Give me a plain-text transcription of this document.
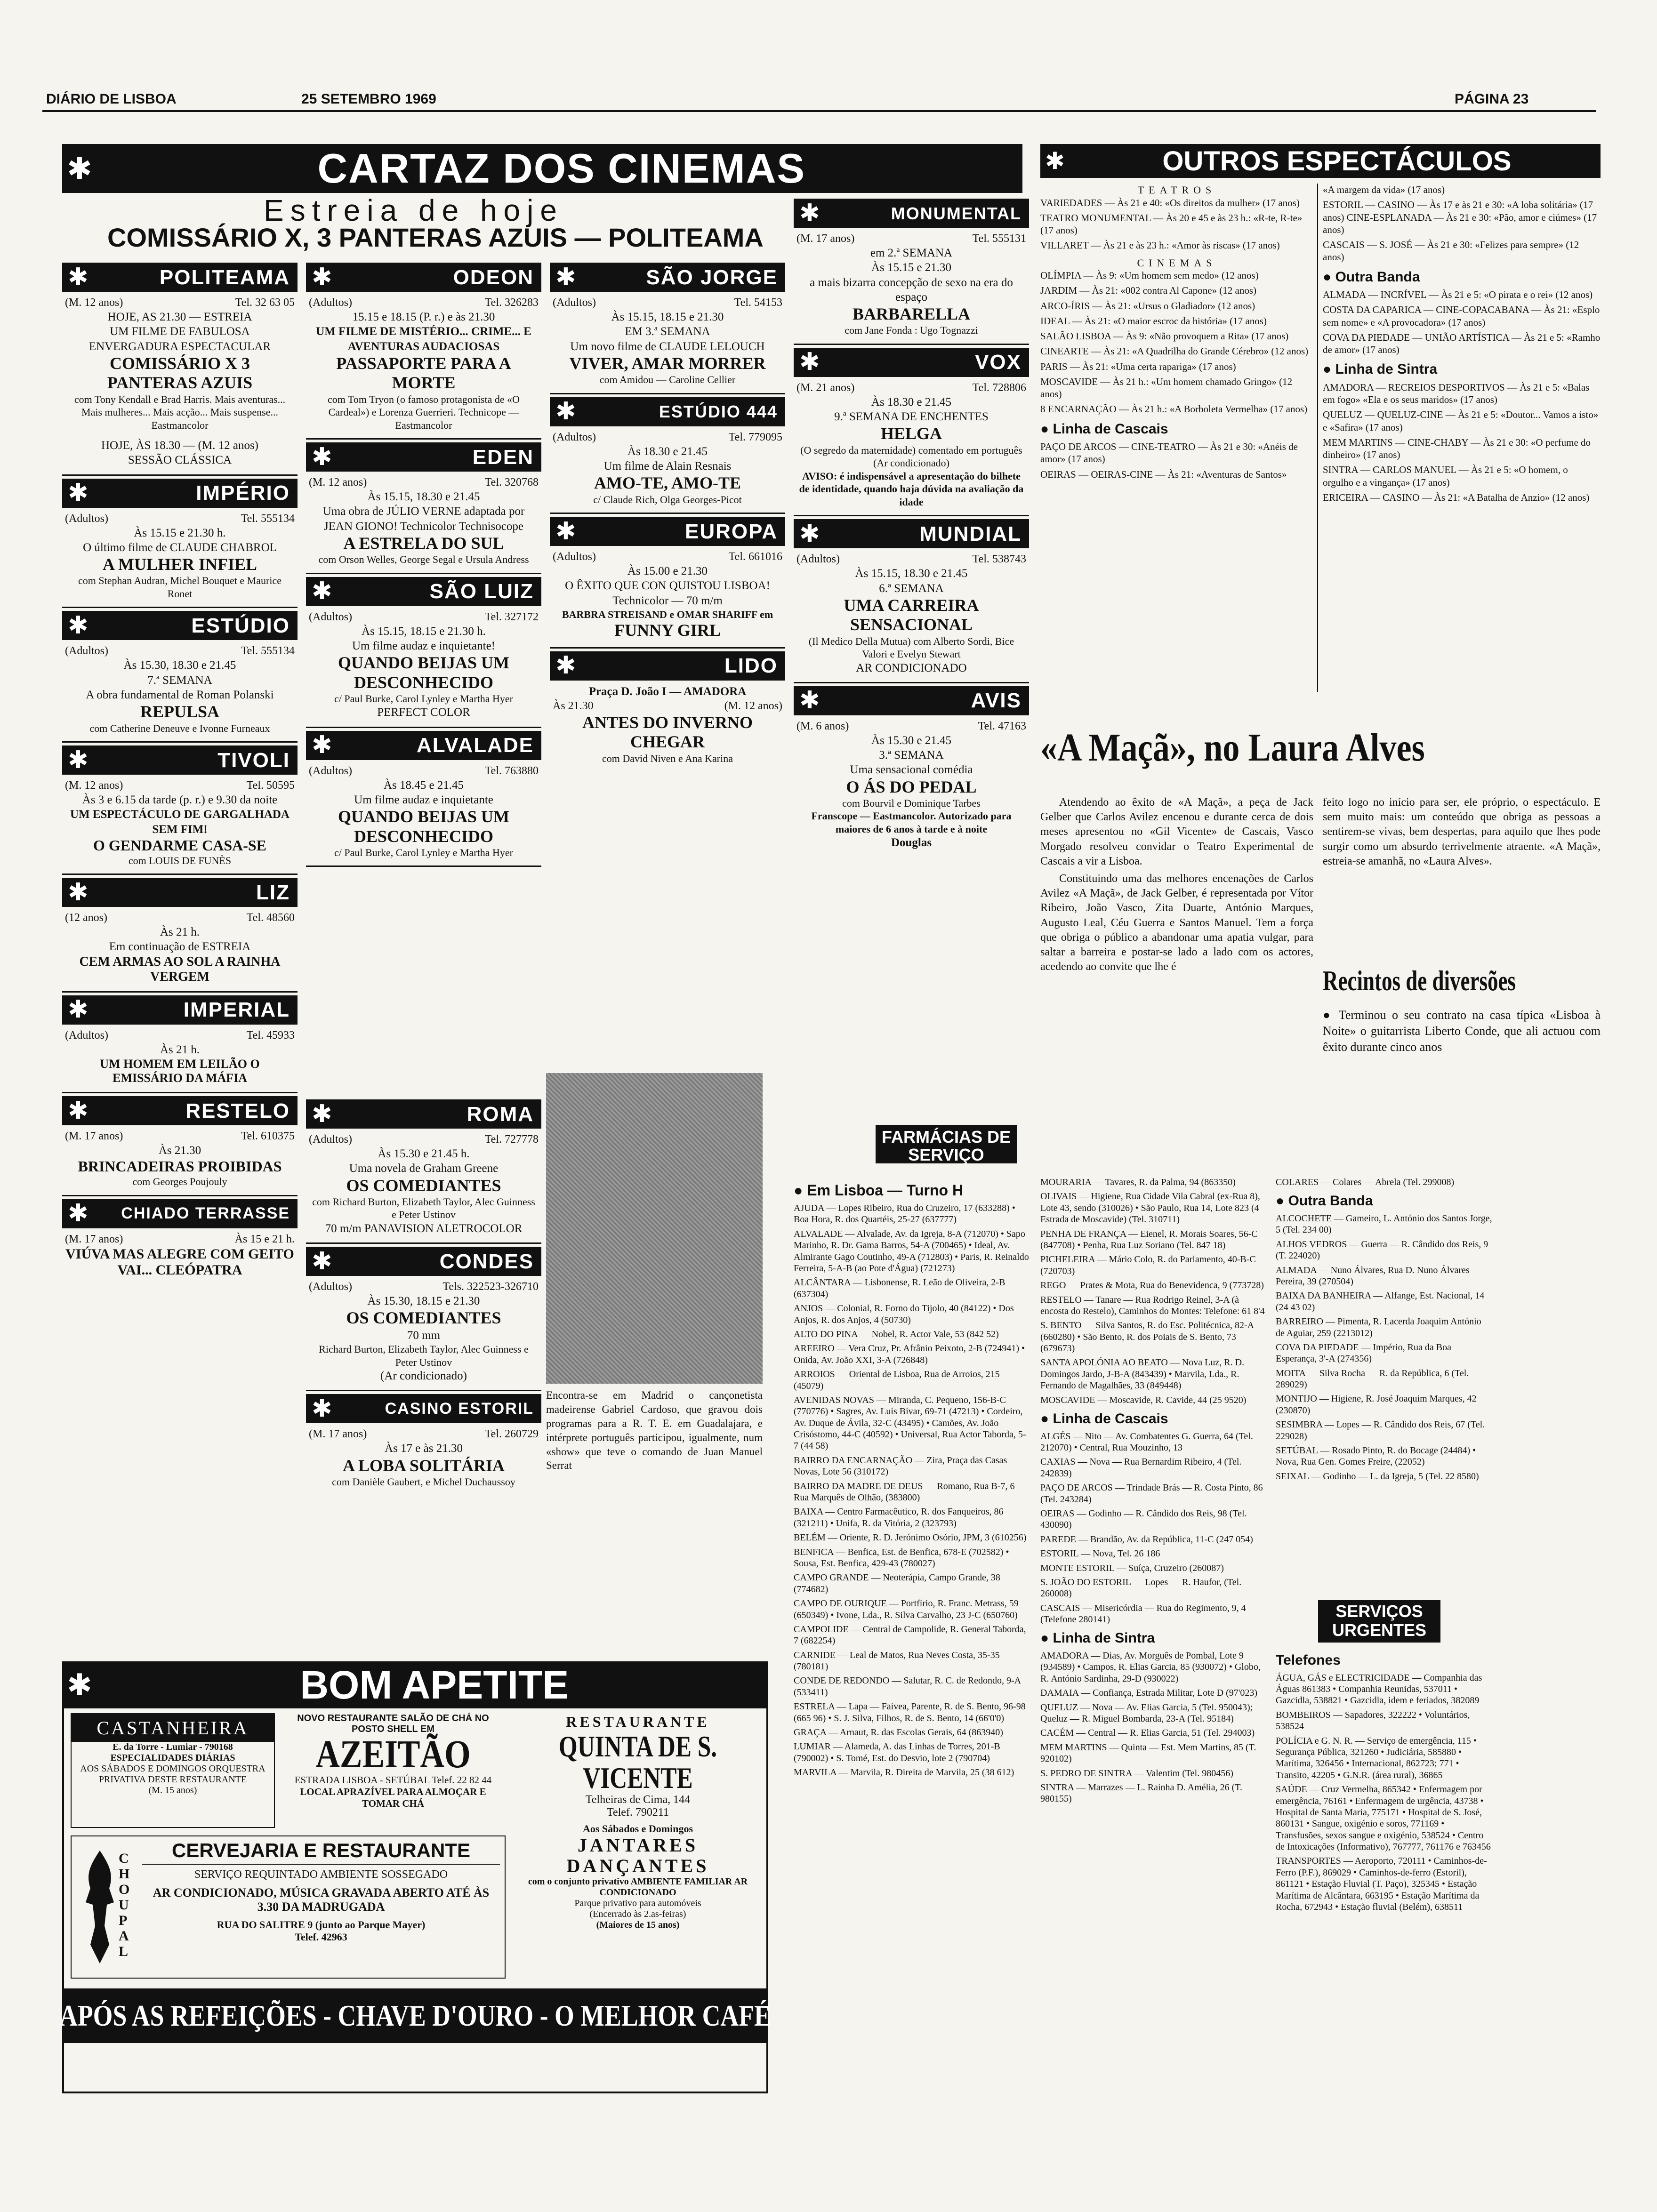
DIÁRIO DE LISBOA	25 SETEMBRO 1969	PÁGINA 23
✱	CARTAZ DOS CINEMAS
Estreia de hoje
COMISSÁRIO X, 3 PANTERAS AZUIS — POLITEAMA
✱	POLITEAMA
(M. 12 anos)	Tel. 32 63 05
HOJE, AS 21.30 — ESTREIA
UM FILME DE FABULOSA ENVERGADURA ESPECTACULAR
COMISSÁRIO X 3 PANTERAS AZUIS
com Tony Kendall e Brad Harris. Mais aventuras... Mais mulheres... Mais acção... Mais suspense... Eastmancolor
HOJE, ÀS 18.30 — (M. 12 anos)
SESSÃO CLÁSSICA
✱	IMPÉRIO
(Adultos)	Tel. 555134
Às 15.15 e 21.30 h.
O último filme de CLAUDE CHABROL
A MULHER INFIEL
com Stephan Audran, Michel Bouquet e Maurice Ronet
✱	ESTÚDIO
(Adultos)	Tel. 555134
Às 15.30, 18.30 e 21.45
7.ª SEMANA
A obra fundamental de Roman Polanski
REPULSA
com Catherine Deneuve e Ivonne Furneaux
✱	TIVOLI
(M. 12 anos)	Tel. 50595
Às 3 e 6.15 da tarde (p. r.) e 9.30 da noite
UM ESPECTÁCULO DE GARGALHADA SEM FIM!
O GENDARME CASA-SE
com LOUIS DE FUNÈS
✱	LIZ
(12 anos)	Tel. 48560
Às 21 h.
Em continuação de ESTREIA
CEM ARMAS AO SOL A RAINHA VERGEM
✱	IMPERIAL
(Adultos)	Tel. 45933
Às 21 h.
UM HOMEM EM LEILÃO O EMISSÁRIO DA MÁFIA
✱	RESTELO
(M. 17 anos)	Tel. 610375
Às 21.30
BRINCADEIRAS PROIBIDAS
com Georges Poujouly
✱	CHIADO TERRASSE
(M. 17 anos)	Às 15 e 21 h.
VIÚVA MAS ALEGRE COM GEITO VAI... CLEÓPATRA
✱	ODEON
(Adultos)	Tel. 326283
15.15 e 18.15 (P. r.) e às 21.30
UM FILME DE MISTÉRIO... CRIME... E AVENTURAS AUDACIOSAS
PASSAPORTE PARA A MORTE
com Tom Tryon (o famoso protagonista de «O Cardeal») e Lorenza Guerrieri. Technicope — Eastmancolor
✱	EDEN
(M. 12 anos)	Tel. 320768
Às 15.15, 18.30 e 21.45
Uma obra de JÚLIO VERNE adaptada por JEAN GIONO! Technicolor Technisocope
A ESTRELA DO SUL
com Orson Welles, George Segal e Ursula Andress
✱	SÃO LUIZ
(Adultos)	Tel. 327172
Às 15.15, 18.15 e 21.30 h.
Um filme audaz e inquietante!
QUANDO BEIJAS UM DESCONHECIDO
c/ Paul Burke, Carol Lynley e Martha Hyer
PERFECT COLOR
✱	ALVALADE
(Adultos)	Tel. 763880
Às 18.45 e 21.45
Um filme audaz e inquietante
QUANDO BEIJAS UM DESCONHECIDO
c/ Paul Burke, Carol Lynley e Martha Hyer
Encontra-se em Madrid o cançonetista madeirense Gabriel Cardoso, que gravou dois programas para a R. T. E. em Guadalajara, e intérprete português participou, igualmente, num «show» que teve o comando de Juan Manuel Serrat
✱	ROMA
(Adultos)	Tel. 727778
Às 15.30 e 21.45 h.
Uma novela de Graham Greene
OS COMEDIANTES
com Richard Burton, Elizabeth Taylor, Alec Guinness e Peter Ustinov
70 m/m PANAVISION ALETROCOLOR
✱	CONDES
(Adultos)	Tels. 322523-326710
Às 15.30, 18.15 e 21.30
OS COMEDIANTES
70 mm
Richard Burton, Elizabeth Taylor, Alec Guinness e Peter Ustinov
(Ar condicionado)
✱	CASINO ESTORIL
(M. 17 anos)	Tel. 260729
Às 17 e às 21.30
A LOBA SOLITÁRIA
com Danièle Gaubert, e Michel Duchaussoy
✱	SÃO JORGE
(Adultos)	Tel. 54153
Às 15.15, 18.15 e 21.30
EM 3.ª SEMANA
Um novo filme de CLAUDE LELOUCH
VIVER, AMAR MORRER
com Amidou — Caroline Cellier
✱	ESTÚDIO 444
(Adultos)	Tel. 779095
Às 18.30 e 21.45
Um filme de Alain Resnais
AMO-TE, AMO-TE
c/ Claude Rich, Olga Georges-Picot
✱	EUROPA
(Adultos)	Tel. 661016
Às 15.00 e 21.30
O ÊXITO QUE CON QUISTOU LISBOA!
Technicolor — 70 m/m
BARBRA STREISAND e OMAR SHARIFF em
FUNNY GIRL
✱	LIDO
Praça D. João I — AMADORA
Às 21.30	(M. 12 anos)
ANTES DO INVERNO CHEGAR
com David Niven e Ana Karina
✱	MONUMENTAL
(M. 17 anos)	Tel. 555131
em 2.ª SEMANA
Às 15.15 e 21.30
a mais bizarra concepção de sexo na era do espaço
BARBARELLA
com Jane Fonda : Ugo Tognazzi
✱	VOX
(M. 21 anos)	Tel. 728806
Às 18.30 e 21.45
9.ª SEMANA DE ENCHENTES
HELGA
(O segredo da maternidade) comentado em português (Ar condicionado)
AVISO: é indispensável a apresentação do bilhete de identidade, quando haja dúvida na avaliação da idade
✱	MUNDIAL
(Adultos)	Tel. 538743
Às 15.15, 18.30 e 21.45
6.ª SEMANA
UMA CARREIRA SENSACIONAL
(Il Medico Della Mutua) com Alberto Sordi, Bice Valori e Evelyn Stewart
AR CONDICIONADO
✱	AVIS
(M. 6 anos)	Tel. 47163
Às 15.30 e 21.45
3.ª SEMANA
Uma sensacional comédia
O ÁS DO PEDAL
com Bourvil e Dominique Tarbes
Franscope — Eastmancolor. Autorizado para maiores de 6 anos à tarde e à noite
Douglas
✱	OUTROS ESPECTÁCULOS
TEATROS
VARIEDADES — Às 21 e 40: «Os direitos da mulher» (17 anos)
TEATRO MONUMENTAL — Às 20 e 45 e às 23 h.: «R-te, R-te» (17 anos)
VILLARET — Às 21 e às 23 h.: «Amor às riscas» (17 anos)
CINEMAS
OLÍMPIA — Às 9: «Um homem sem medo» (12 anos)
JARDIM — Às 21: «002 contra Al Capone» (12 anos)
ARCO-ÍRIS — Às 21: «Ursus o Gladiador» (12 anos)
IDEAL — Às 21: «O maior escroc da história» (17 anos)
SALÃO LISBOA — Às 9: «Não provoquem a Rita» (17 anos)
CINEARTE — Às 21: «A Quadrilha do Grande Cérebro» (12 anos)
PARIS — Às 21: «Uma certa rapariga» (17 anos)
MOSCAVIDE — Às 21 h.: «Um homem chamado Gringo» (12 anos)
8 ENCARNAÇÃO — Às 21 h.: «A Borboleta Vermelha» (17 anos)
● Linha de Cascais
PAÇO DE ARCOS — CINE-TEATRO — Às 21 e 30: «Anéis de amor» (17 anos)
OEIRAS — OEIRAS-CINE — Às 21: «Aventuras de Santos»
«A margem da vida» (17 anos)
ESTORIL — CASINO — Às 17 e às 21 e 30: «A loba solitária» (17 anos) CINE-ESPLANADA — Às 21 e 30: «Pão, amor e ciúmes» (17 anos)
CASCAIS — S. JOSÉ — Às 21 e 30: «Felizes para sempre» (12 anos)
● Outra Banda
ALMADA — INCRÍVEL — Às 21 e 5: «O pirata e o rei» (12 anos)
COSTA DA CAPARICA — CINE-COPACABANA — Às 21: «Esplo sem nome» e «A provocadora» (17 anos)
COVA DA PIEDADE — UNIÃO ARTÍSTICA — Às 21 e 5: «Ramho de amor» (17 anos)
● Linha de Sintra
AMADORA — RECREIOS DESPORTIVOS — Às 21 e 5: «Balas em fogo» «Ela e os seus maridos» (17 anos)
QUELUZ — QUELUZ-CINE — Às 21 e 5: «Doutor... Vamos a isto» e «Safira» (17 anos)
MEM MARTINS — CINE-CHABY — Às 21 e 30: «O perfume do dinheiro» (17 anos)
SINTRA — CARLOS MANUEL — Às 21 e 5: «O homem, o orgulho e a vingança» (17 anos)
ERICEIRA — CASINO — Às 21: «A Batalha de Anzio» (12 anos)
«A Maçã», no Laura Alves

Atendendo ao êxito de «A Maçã», a peça de Jack Gelber que Carlos Avilez encenou e durante cerca de dois meses apresentou no «Gil Vicente» de Cascais, Vasco Morgado resolveu convidar o Teatro Experimental de Cascais a vir a Lisboa.

Constituindo uma das melhores encenações de Carlos Avilez «A Maçã», de Jack Gelber, é representada por Vítor Ribeiro, João Vasco, Zita Duarte, António Marques, Augusto Leal, Céu Guerra e Santos Manuel. Tem a força que obriga o público a abandonar uma apatia vulgar, para saltar a barreira e postar-se lado a lado com os actores, acedendo ao convite que lhe é

feito logo no início para ser, ele próprio, o espectáculo. E sem muito mais: um conteúdo que obriga as pessoas a sentirem-se vivas, bem despertas, para aquilo que lhes pode surgir como um absurdo terrivelmente atraente. «A Maçã», estreia-se amanhã, no «Laura Alves».

Recintos de diversões
● Terminou o seu contrato na casa típica «Lisboa à Noite» o guitarrista Liberto Conde, que ali actuou com êxito durante cinco anos
FARMÁCIAS DE SERVIÇO
● Em Lisboa — Turno H
AJUDA — Lopes Ribeiro, Rua do Cruzeiro, 17 (633288) • Boa Hora, R. dos Quartéis, 25-27 (637777)
ALVALADE — Alvalade, Av. da Igreja, 8-A (712070) • Sapo Marinho, R. Dr. Gama Barros, 54-A (700465) • Ideal, Av. Almirante Gago Coutinho, 49-A (712803) • Paris, R. Reinaldo Ferreira, 5-A-B (ao Pote d'Água) (721273)
ALCÂNTARA — Lisbonense, R. Leão de Oliveira, 2-B (637304)
ANJOS — Colonial, R. Forno do Tijolo, 40 (84122) • Dos Anjos, R. dos Anjos, 4 (50730)
ALTO DO PINA — Nobel, R. Actor Vale, 53 (842 52)
AREEIRO — Vera Cruz, Pr. Afrânio Peixoto, 2-B (724941) • Onida, Av. João XXI, 3-A (726848)
ARROIOS — Oriental de Lisboa, Rua de Arroios, 215 (45079)
AVENIDAS NOVAS — Miranda, C. Pequeno, 156-B-C (770776) • Sagres, Av. Luís Bívar, 69-71 (47213) • Cordeiro, Av. Duque de Ávila, 32-C (43495) • Camões, Av. João Crisóstomo, 44-C (40592) • Universal, Rua Actor Taborda, 5-7 (44 58)
BAIRRO DA ENCARNAÇÃO — Zira, Praça das Casas Novas, Lote 56 (310172)
BAIRRO DA MADRE DE DEUS — Romano, Rua B-7, 6 Rua Marquês de Olhão, (383800)
BAIXA — Centro Farmacêutico, R. dos Fanqueiros, 86 (321211) • Unifa, R. da Vitória, 2 (323793)
BELÉM — Oriente, R. D. Jerónimo Osório, JPM, 3 (610256)
BENFICA — Benfica, Est. de Benfica, 678-E (702582) • Sousa, Est. Benfica, 429-43 (780027)
CAMPO GRANDE — Neoterápia, Campo Grande, 38 (774682)
CAMPO DE OURIQUE — Portfírio, R. Franc. Metrass, 59 (650349) • Ivone, Lda., R. Silva Carvalho, 23 J-C (650760)
CAMPOLIDE — Central de Campolide, R. General Taborda, 7 (682254)
CARNIDE — Leal de Matos, Rua Neves Costa, 35-35 (780181)
CONDE DE REDONDO — Salutar, R. C. de Redondo, 9-A (533411)
ESTRELA — Lapa — Faivea, Parente, R. de S. Bento, 96-98 (665 96) • S. J. Silva, Filhos, R. de S. Bento, 14 (66'0'0)
GRAÇA — Arnaut, R. das Escolas Gerais, 64 (863940)
LUMIAR — Alameda, A. das Linhas de Torres, 201-B (790002) • S. Tomé, Est. do Desvio, lote 2 (790704)
MARVILA — Marvila, R. Direita de Marvila, 25 (38 612)
MOURARIA — Tavares, R. da Palma, 94 (863350)
OLIVAIS — Higiene, Rua Cidade Vila Cabral (ex-Rua 8), Lote 43, sendo (310026) • São Paulo, Rua 14, Lote 823 (4 Estrada de Moscavide) (Tel. 310711)
PENHA DE FRANÇA — Eienel, R. Morais Soares, 56-C (847708) • Penha, Rua Luz Soriano (Tel. 847 18)
PICHELEIRA — Mário Colo, R. do Parlamento, 40-B-C (720703)
REGO — Prates & Mota, Rua do Benevidenca, 9 (773728)
RESTELO — Tanare — Rua Rodrigo Reinel, 3-A (à encosta do Restelo), Caminhos do Montes: Telefone: 61 8'4
S. BENTO — Silva Santos, R. do Esc. Politécnica, 82-A (660280) • São Bento, R. dos Poiais de S. Bento, 73 (679673)
SANTA APOLÓNIA AO BEATO — Nova Luz, R. D. Domingos Jardo, J-B-A (843439) • Marvila, Lda., R. Fernando de Magalhães, 33 (849448)
MOSCAVIDE — Moscavide, R. Cavide, 44 (25 9520)
● Linha de Cascais
ALGÉS — Nito — Av. Combatentes G. Guerra, 64 (Tel. 212070) • Central, Rua Mouzinho, 13
CAXIAS — Nova — Rua Bernardim Ribeiro, 4 (Tel. 242839)
PAÇO DE ARCOS — Trindade Brás — R. Costa Pinto, 86 (Tel. 243284)
OEIRAS — Godinho — R. Cândido dos Reis, 98 (Tel. 430090)
PAREDE — Brandão, Av. da República, 11-C (247 054)
ESTORIL — Nova, Tel. 26 186
MONTE ESTORIL — Suíça, Cruzeiro (260087)
S. JOÃO DO ESTORIL — Lopes — R. Haufor, (Tel. 260008)
CASCAIS — Misericórdia — Rua do Regimento, 9, 4 (Telefone 280141)
● Linha de Sintra
AMADORA — Dias, Av. Morguês de Pombal, Lote 9 (934589) • Campos, R. Elias Garcia, 85 (930072) • Globo, R. António Sardinha, 29-D (930022)
DAMAIA — Confiança, Estrada Militar, Lote D (97'023)
QUELUZ — Nova — Av. Elias Garcia, 5 (Tel. 950043); Queluz — R. Miguel Bombarda, 23-A (Tel. 95184)
CACÉM — Central — R. Elias Garcia, 51 (Tel. 294003)
MEM MARTINS — Quinta — Est. Mem Martins, 85 (T. 920102)
S. PEDRO DE SINTRA — Valentim (Tel. 980456)
SINTRA — Marrazes — L. Rainha D. Amélia, 26 (T. 980155)
COLARES — Colares — Abrela (Tel. 299008)
● Outra Banda
ALCOCHETE — Gameiro, L. António dos Santos Jorge, 5 (Tel. 234 00)
ALHOS VEDROS — Guerra — R. Cândido dos Reis, 9 (T. 224020)
ALMADA — Nuno Álvares, Rua D. Nuno Álvares Pereira, 39 (270504)
BAIXA DA BANHEIRA — Alfange, Est. Nacional, 14 (24 43 02)
BARREIRO — Pimenta, R. Lacerda Joaquim António de Aguiar, 259 (2213012)
COVA DA PIEDADE — Império, Rua da Boa Esperança, 3'-A (274356)
MOITA — Silva Rocha — R. da República, 6 (Tel. 289029)
MONTIJO — Higiene, R. José Joaquim Marques, 42 (230870)
SESIMBRA — Lopes — R. Cândido dos Reis, 67 (Tel. 229028)
SETÚBAL — Rosado Pinto, R. do Bocage (24484) • Nova, Rua Gen. Gomes Freire, (22052)
SEIXAL — Godinho — L. da Igreja, 5 (Tel. 22 8580)
SERVIÇOS URGENTES
Telefones
ÁGUA, GÁS e ELECTRICIDADE — Companhia das Águas 861383 • Companhia Reunidas, 537011 • Gazcidla, 538821 • Gazcidla, idem e feriados, 382089
BOMBEIROS — Sapadores, 322222 • Voluntários, 538524
POLÍCIA e G. N. R. — Serviço de emergência, 115 • Segurança Pública, 321260 • Judiciária, 585880 • Marítima, 326456 • Internacional, 862723; 771 • Transito, 42205 • G.N.R. (área rural), 36865
SAÚDE — Cruz Vermelha, 865342 • Enfermagem por emergência, 76161 • Enfermagem de urgência, 43738 • Hospital de Santa Maria, 775171 • Hospital de S. José, 860131 • Sangue, oxigénio e soros, 771169 • Transfusões, sexos sangue e oxigénio, 538524 • Centro de Intoxicações (Informativo), 767777, 761176 e 763456
TRANSPORTES — Aeroporto, 720111 • Caminhos-de-Ferro (P.F.), 869029 • Caminhos-de-ferro (Estoril), 861121 • Estação Fluvial (T. Paço), 325345 • Estação Marítima de Alcântara, 663195 • Estação Marítima da Rocha, 672943 • Estação fluvial (Belém), 638511
✱	BOM APETITE
CASTANHEIRA
E. da Torre - Lumiar - 790168
ESPECIALIDADES DIÁRIAS
AOS SÁBADOS E DOMINGOS ORQUESTRA PRIVATIVA DESTE RESTAURANTE
(M. 15 anos)
NOVO RESTAURANTE SALÃO DE CHÁ NO POSTO SHELL EM
AZEITÃO
ESTRADA LISBOA - SETÚBAL Telef. 22 82 44
LOCAL APRAZÍVEL PARA ALMOÇAR E TOMAR CHÁ
CHOUPAL
CERVEJARIA E RESTAURANTE
SERVIÇO REQUINTADO AMBIENTE SOSSEGADO
AR CONDICIONADO, MÚSICA GRAVADA ABERTO ATÉ ÀS 3.30 DA MADRUGADA
RUA DO SALITRE 9 (junto ao Parque Mayer)
Telef. 42963
RESTAURANTE
QUINTA DE S. VICENTE
Telheiras de Cima, 144
Telef. 790211
Aos Sábados e Domingos
JANTARES DANÇANTES
com o conjunto privativo AMBIENTE FAMILIAR AR CONDICIONADO
Parque privativo para automóveis
(Encerrado às 2.as-feiras)
(Maiores de 15 anos)
APÓS AS REFEIÇÕES - CHAVE D'OURO - O MELHOR CAFÉ
